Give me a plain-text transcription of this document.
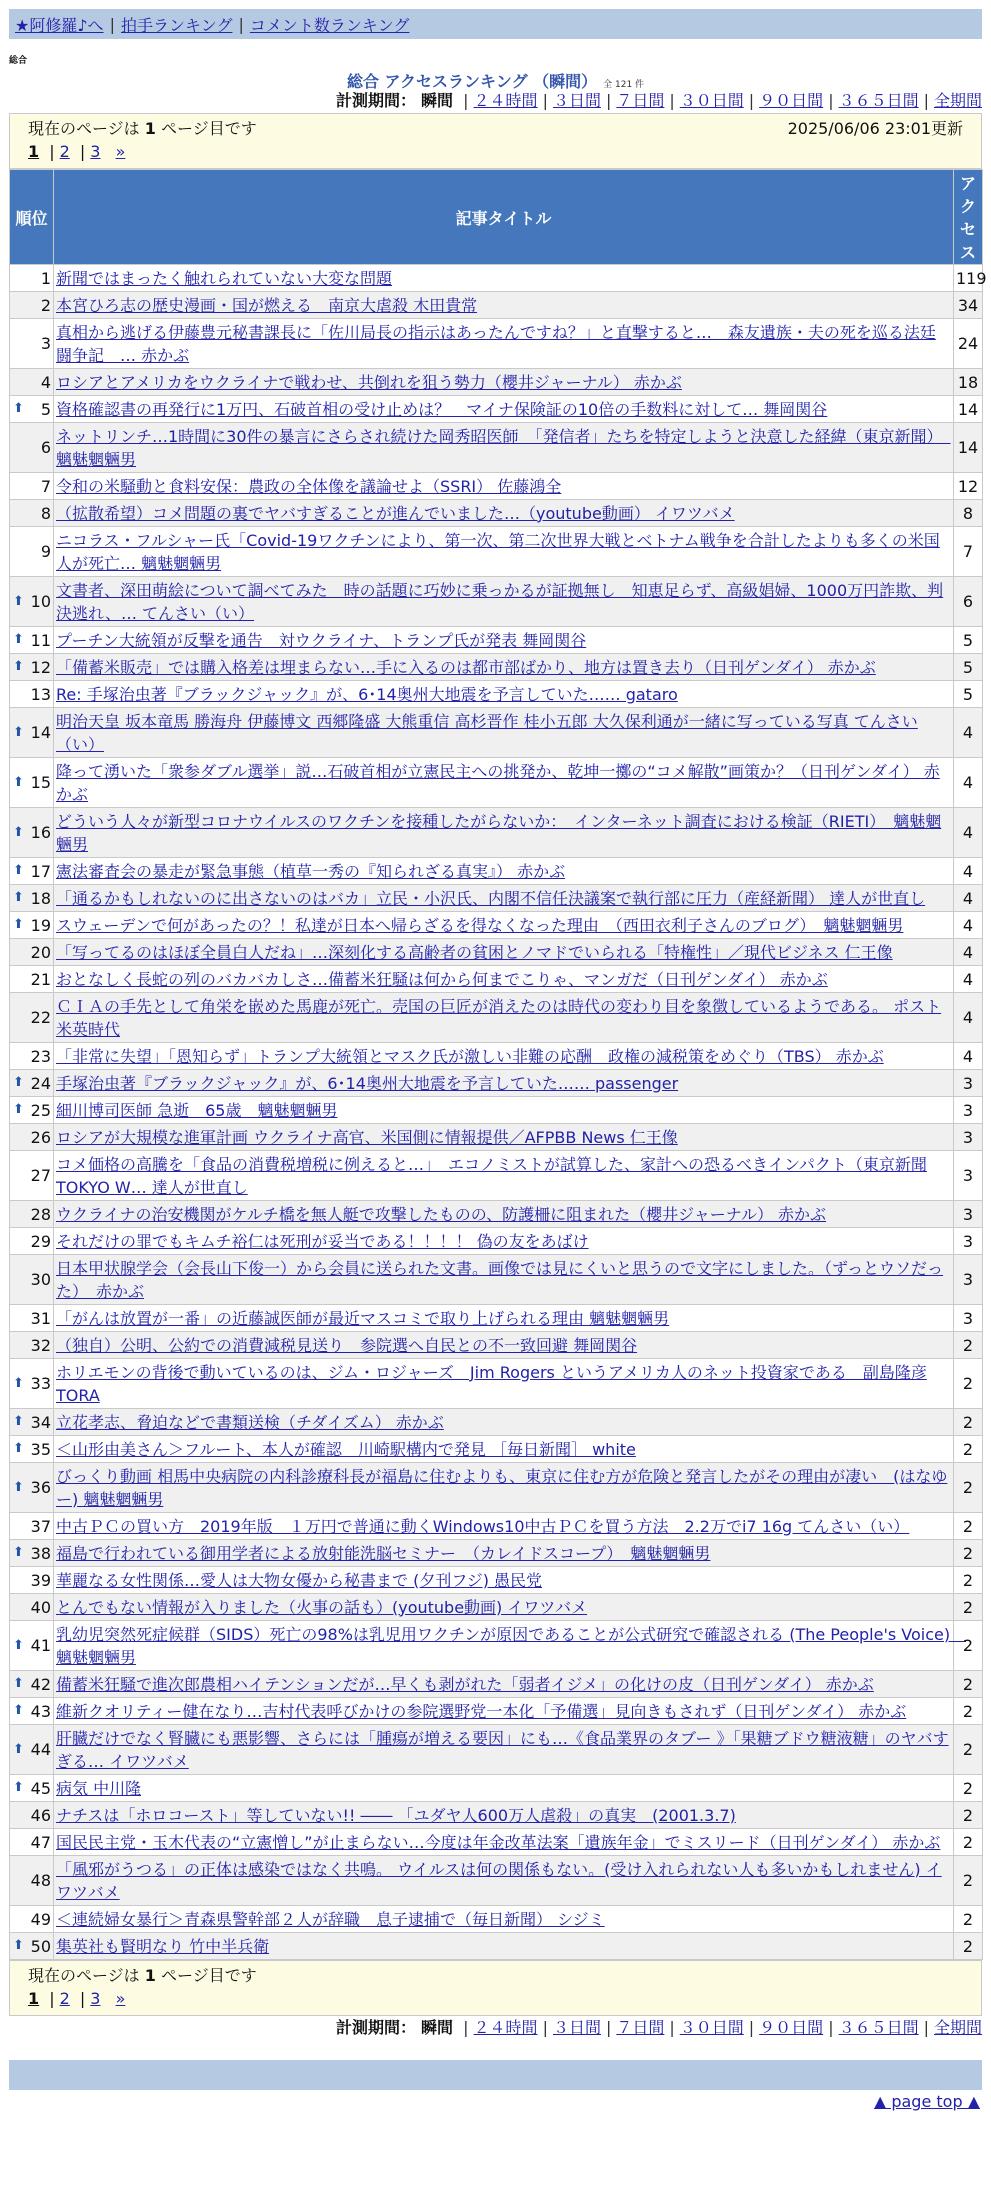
★阿修羅♪へ | 拍手ランキング | コメント数ランキング
総合
総合 アクセスランキング （瞬間） 全 121 件
計測期間： 瞬間 | ２４時間 | ３日間 | ７日間 | ３０日間 | ９０日間 | ３６５日間 | 全期間
現在のページは 1 ページ目です	2025/06/06 23:01更新
1 | 2 | 3 »
順位	記事タイトル	アクセス
1	新聞ではまったく触れられていない大変な問題	119
2	本宮ひろ志の歴史漫画・国が燃える　南京大虐殺 木田貴常	34
3	真相から逃げる伊藤豊元秘書課長に「佐川局長の指示はあったんですね？」と直撃すると…　森友遺族・夫の死を巡る法廷闘争記　… 赤かぶ	24
4	ロシアとアメリカをウクライナで戦わせ、共倒れを狙う勢力（櫻井ジャーナル） 赤かぶ	18

⬆ 5	資格確認書の再発行に1万円、石破首相の受け止めは？　マイナ保険証の10倍の手数料に対して… 舞岡関谷	14
6	ネットリンチ…1時間に30件の暴言にさらされ続けた岡秀昭医師　「発信者」たちを特定しようと決意した経緯（東京新聞）　魑魅魍魎男	14
7	令和の米騒動と食料安保：農政の全体像を議論せよ（SSRI） 佐藤鴻全	12
8	（拡散希望）コメ問題の裏でヤバすぎることが進んでいました…（youtube動画） イワツバメ	8
9	ニコラス・フルシャー氏「Covid-19ワクチンにより、第一次、第二次世界大戦とベトナム戦争を合計したよりも多くの米国人が死亡… 魑魅魍魎男	7

⬆ 10	文書者、深田萌絵について調べてみた　時の話題に巧妙に乗っかるが証拠無し　知恵足らず、高級娼婦、1000万円詐欺、判決逃れ、… てんさい（い）	6

⬆ 11	プーチン大統領が反撃を通告　対ウクライナ、トランプ氏が発表 舞岡関谷	5

⬆ 12	「備蓄米販売」では購入格差は埋まらない…手に入るのは都市部ばかり、地方は置き去り（日刊ゲンダイ） 赤かぶ	5
13	Re: 手塚治虫著『ブラックジャック』が、6･14奥州大地震を予言していた…… gataro	5

⬆ 14	明治天皇 坂本竜馬 勝海舟 伊藤博文 西郷隆盛 大熊重信 高杉晋作 桂小五郎 大久保利通が一緒に写っている写真 てんさい（い）	4

⬆ 15	降って湧いた「衆参ダブル選挙」説…石破首相が立憲民主への挑発か、乾坤一擲の“コメ解散”画策か？（日刊ゲンダイ） 赤かぶ	4

⬆ 16	どういう人々が新型コロナウイルスのワクチンを接種したがらないか：　インターネット調査における検証（RIETI）　魑魅魍魎男	4

⬆ 17	憲法審査会の暴走が緊急事態（植草一秀の『知られざる真実』） 赤かぶ	4

⬆ 18	「通るかもしれないのに出さないのはバカ」立民・小沢氏、内閣不信任決議案で執行部に圧力（産経新聞） 達人が世直し	4

⬆ 19	スウェーデンで何があったの？！私達が日本へ帰らざるを得なくなった理由　（西田衣利子さんのブログ）　魑魅魍魎男	4
20	「写ってるのはほぼ全員白人だね」…深刻化する高齢者の貧困とノマドでいられる「特権性」／現代ビジネス 仁王像	4
21	おとなしく長蛇の列のバカバカしさ…備蓄米狂騒は何から何までこりゃ、マンガだ（日刊ゲンダイ） 赤かぶ	4
22	ＣＩＡの手先として角栄を嵌めた馬鹿が死亡。売国の巨匠が消えたのは時代の変わり目を象徴しているようである。 ポスト米英時代	4
23	「非常に失望」「恩知らず」トランプ大統領とマスク氏が激しい非難の応酬　政権の減税策をめぐり（TBS） 赤かぶ	4

⬆ 24	手塚治虫著『ブラックジャック』が、6･14奥州大地震を予言していた…… passenger	3

⬆ 25	細川博司医師 急逝　65歳　魑魅魍魎男	3
26	ロシアが大規模な進軍計画 ウクライナ高官、米国側に情報提供／AFPBB News 仁王像	3
27	コメ価格の高騰を「食品の消費税増税に例えると…」　エコノミストが試算した、家計への恐るべきインパクト（東京新聞TOKYO W… 達人が世直し	3
28	ウクライナの治安機関がケルチ橋を無人艇で攻撃したものの、防護柵に阻まれた（櫻井ジャーナル） 赤かぶ	3
29	それだけの罪でもキムチ裕仁は死刑が妥当である！！！！ 偽の友をあばけ	3
30	日本甲状腺学会（会長山下俊一）から会員に送られた文書。画像では見にくいと思うので文字にしました。（ずっとウソだった）　赤かぶ	3
31	「がんは放置が一番」の近藤誠医師が最近マスコミで取り上げられる理由 魑魅魍魎男	3
32	（独自）公明、公約での消費減税見送り　参院選へ自民との不一致回避 舞岡関谷	2

⬆ 33	ホリエモンの背後で動いているのは、ジム・ロジャーズ　Jim Rogers というアメリカ人のネット投資家である　副島隆彦 TORA	2

⬆ 34	立花孝志、脅迫などで書類送検（チダイズム） 赤かぶ	2

⬆ 35	＜山形由美さん＞フルート、本人が確認　川崎駅構内で発見 ［毎日新聞］ white	2

⬆ 36	びっくり動画 相馬中央病院の内科診療科長が福島に住むよりも、東京に住む方が危険と発言したがその理由が凄い　(はなゆー) 魑魅魍魎男	2
37	中古ＰＣの買い方　2019年版　１万円で普通に動くWindows10中古ＰＣを買う方法　2.2万でi7 16g てんさい（い）	2

⬆ 38	福島で行われている御用学者による放射能洗脳セミナー　（カレイドスコープ）　魑魅魍魎男	2
39	華麗なる女性関係…愛人は大物女優から秘書まで (夕刊フジ) 愚民党	2
40	とんでもない情報が入りました（火事の話も）(youtube動画) イワツバメ	2

⬆ 41	乳幼児突然死症候群（SIDS）死亡の98%は乳児用ワクチンが原因であることが公式研究で確認される (The People's Voice)　魑魅魍魎男	2

⬆ 42	備蓄米狂騒で進次郎農相ハイテンションだが…早くも剥がれた「弱者イジメ」の化けの皮（日刊ゲンダイ） 赤かぶ	2

⬆ 43	維新クオリティー健在なり…吉村代表呼びかけの参院選野党一本化「予備選」見向きもされず（日刊ゲンダイ） 赤かぶ	2

⬆ 44	肝臓だけでなく腎臓にも悪影響、さらには「腫瘍が増える要因」にも…《食品業界のタブー 》「果糖ブドウ糖液糖」のヤバすぎる… イワツバメ	2

⬆ 45	病気 中川隆	2
46	ナチスは「ホロコースト」等していない!! ―― 「ユダヤ人600万人虐殺」の真実　(2001.3.7)	2
47	国民民主党・玉木代表の“立憲憎し”が止まらない…今度は年金改革法案「遺族年金」でミスリード（日刊ゲンダイ） 赤かぶ	2
48	「風邪がうつる」の正体は感染ではなく共鳴。 ウイルスは何の関係もない。(受け入れられない人も多いかもしれません) イワツバメ	2
49	＜連続婦女暴行＞青森県警幹部２人が辞職　息子逮捕で（毎日新聞） シジミ	2

⬆ 50	集英社も賢明なり 竹中半兵衛	2
現在のページは 1 ページ目です
1 | 2 | 3 »
計測期間： 瞬間 | ２４時間 | ３日間 | ７日間 | ３０日間 | ９０日間 | ３６５日間 | 全期間
▲ page top ▲
